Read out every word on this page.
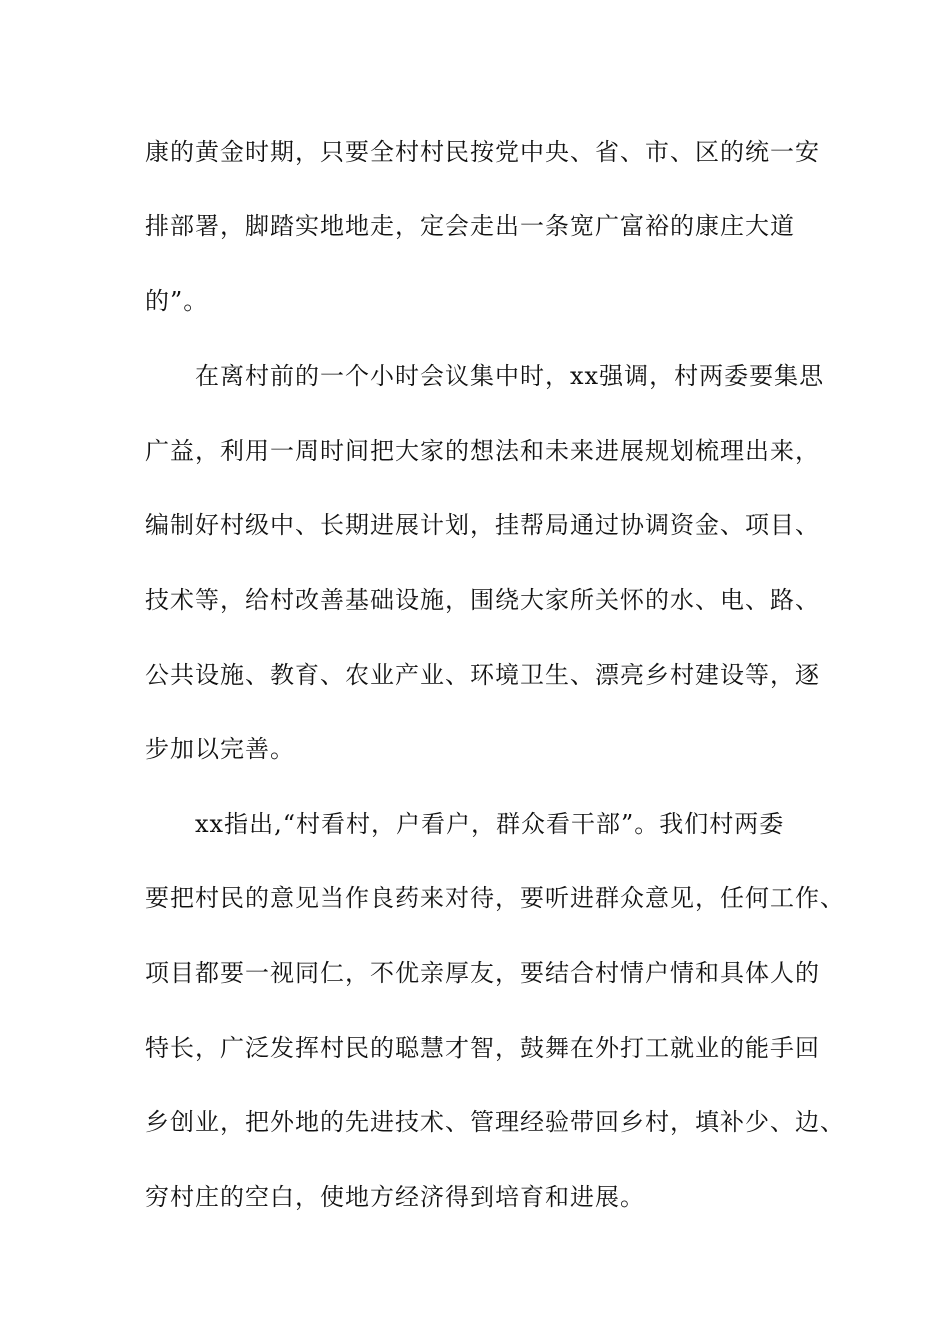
康的黄金时期，只要全村村民按党中央、省、市、区的统一安
排部署，脚踏实地地走，定会走出一条宽广富裕的康庄大道
的”。
　　在离村前的一个小时会议集中时，xx强调，村两委要集思
广益，利用一周时间把大家的想法和未来进展规划梳理出来，
编制好村级中、长期进展计划，挂帮局通过协调资金、项目、
技术等，给村改善基础设施，围绕大家所关怀的水、电、路、
公共设施、教育、农业产业、环境卫生、漂亮乡村建设等，逐
步加以完善。
　　xx指出,“村看村，户看户，群众看干部”。我们村两委
要把村民的意见当作良药来对待，要听进群众意见，任何工作、
项目都要一视同仁，不优亲厚友，要结合村情户情和具体人的
特长，广泛发挥村民的聪慧才智，鼓舞在外打工就业的能手回
乡创业，把外地的先进技术、管理经验带回乡村，填补少、边、
穷村庄的空白，使地方经济得到培育和进展。
